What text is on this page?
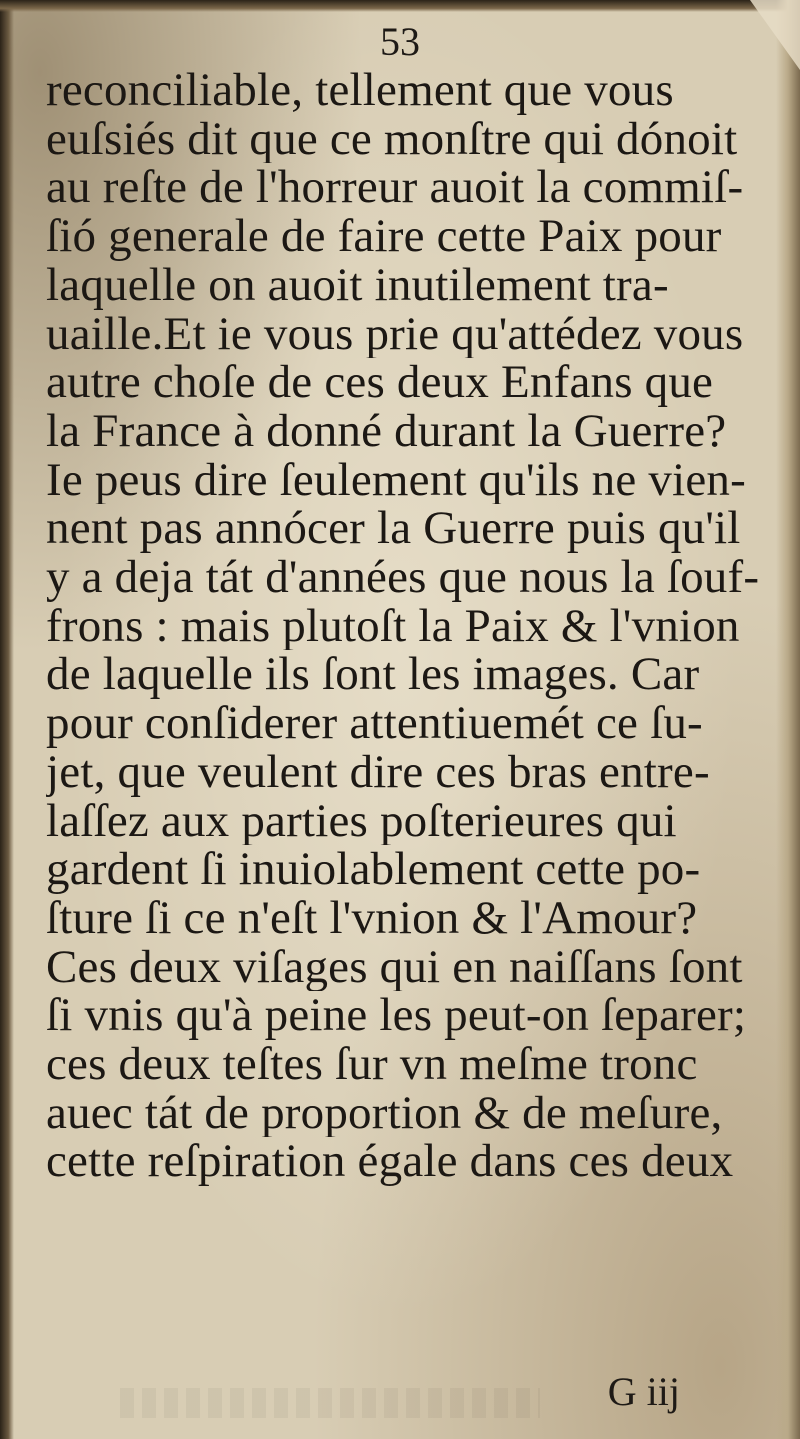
53
reconciliable, tellement que vous
euſsiés dit que ce monſtre qui dónoit
au reſte de l'horreur auoit la commiſ-
ſió generale de faire cette Paix pour
laquelle on auoit inutilement tra-
uaille.Et ie vous prie qu'attédez vous
autre choſe de ces deux Enfans que
la France à donné durant la Guerre?
Ie peus dire ſeulement qu'ils ne vien-
nent pas annócer la Guerre puis qu'il
y a deja tát d'années que nous la ſouf-
frons : mais plutoſt la Paix & l'vnion
de laquelle ils ſont les images. Car
pour conſiderer attentiuemét ce ſu-
jet, que veulent dire ces bras entre-
laſſez aux parties poſterieures qui
gardent ſi inuiolablement cette po-
ſture ſi ce n'eſt l'vnion & l'Amour?
Ces deux viſages qui en naiſſans ſont
ſi vnis qu'à peine les peut-on ſeparer;
ces deux teſtes ſur vn meſme tronc
auec tát de proportion & de meſure,
cette reſpiration égale dans ces deux
G iij
